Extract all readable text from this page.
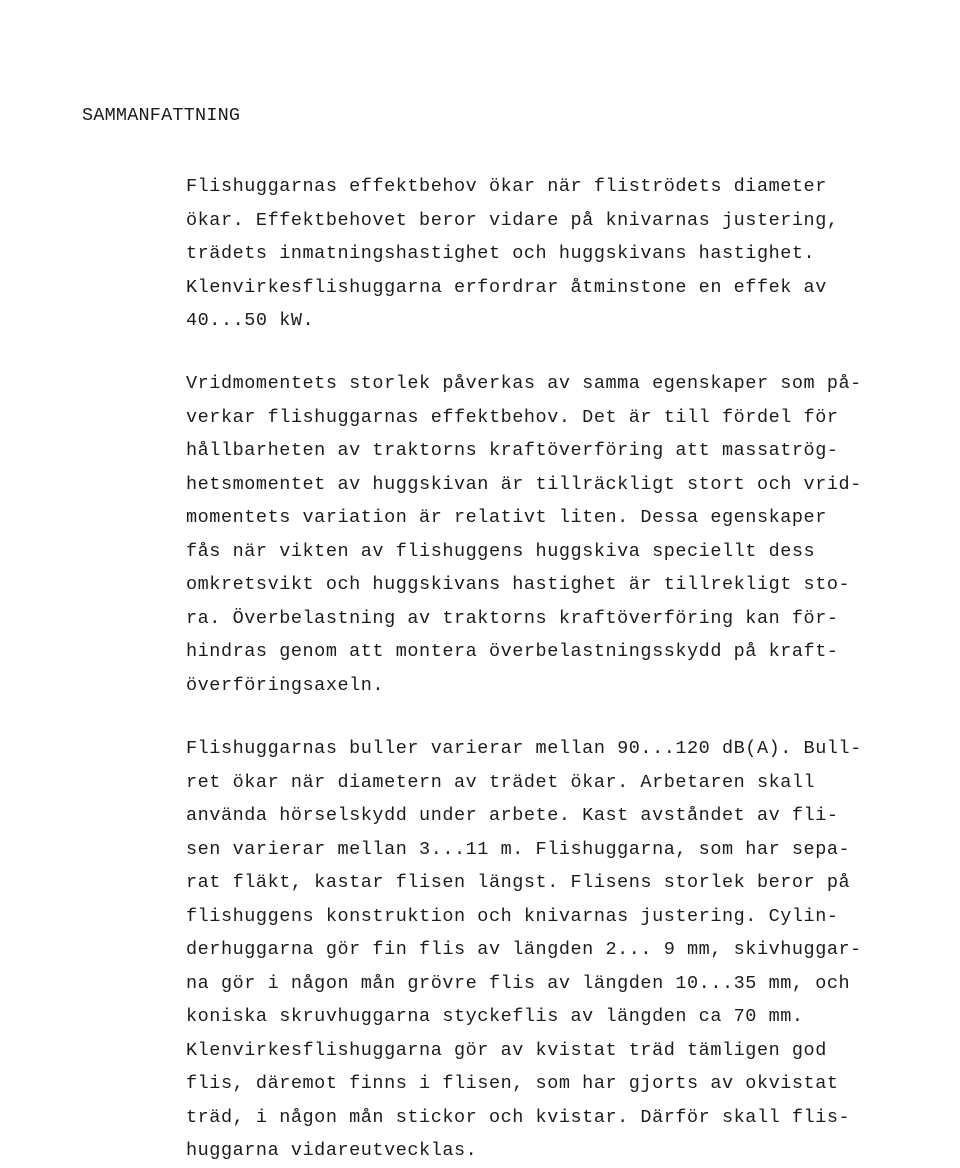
SAMMANFATTNING
Flishuggarnas effektbehov ökar när fliströdets diameter
ökar. Effektbehovet beror vidare på knivarnas justering,
trädets inmatningshastighet och huggskivans hastighet.
Klenvirkesflishuggarna erfordrar åtminstone en effek av
40...50 kW.
Vridmomentets storlek påverkas av samma egenskaper som på-
verkar flishuggarnas effektbehov. Det är till fördel för
hållbarheten av traktorns kraftöverföring att massatrög-
hetsmomentet av huggskivan är tillräckligt stort och vrid-
momentets variation är relativt liten. Dessa egenskaper
fås när vikten av flishuggens huggskiva speciellt dess
omkretsvikt och huggskivans hastighet är tillrekligt sto-
ra. Överbelastning av traktorns kraftöverföring kan för-
hindras genom att montera överbelastningsskydd på kraft-
överföringsaxeln.
Flishuggarnas buller varierar mellan 90...120 dB(A). Bull-
ret ökar när diametern av trädet ökar. Arbetaren skall
använda hörselskydd under arbete. Kast avståndet av fli-
sen varierar mellan 3...11 m. Flishuggarna, som har sepa-
rat fläkt, kastar flisen längst. Flisens storlek beror på
flishuggens konstruktion och knivarnas justering. Cylin-
derhuggarna gör fin flis av längden 2... 9 mm, skivhuggar-
na gör i någon mån grövre flis av längden 10...35 mm, och
koniska skruvhuggarna styckeflis av längden ca 70 mm.
Klenvirkesflishuggarna gör av kvistat träd tämligen god
flis, däremot finns i flisen, som har gjorts av okvistat
träd, i någon mån stickor och kvistar. Därför skall flis-
huggarna vidareutvecklas.
